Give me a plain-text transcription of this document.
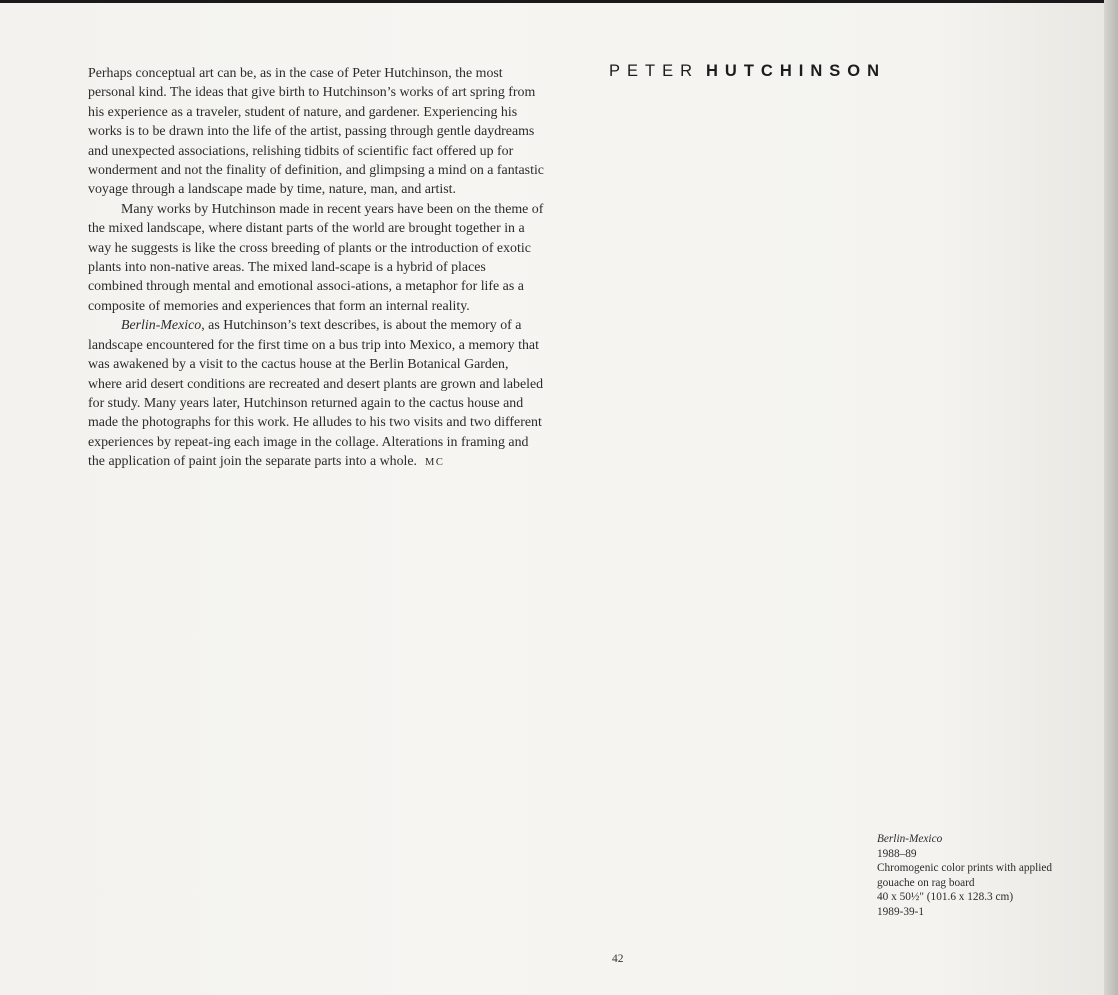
Perhaps conceptual art can be, as in the case of Peter Hutchinson, the most personal kind. The ideas that give birth to Hutchinson’s works of art spring from his experience as a traveler, student of nature, and gardener. Experiencing his works is to be drawn into the life of the artist, passing through gentle daydreams and unexpected associations, relishing tidbits of scientific fact offered up for wonderment and not the finality of definition, and glimpsing a mind on a fantastic voyage through a landscape made by time, nature, man, and artist.

Many works by Hutchinson made in recent years have been on the theme of the mixed landscape, where distant parts of the world are brought together in a way he suggests is like the cross breeding of plants or the introduction of exotic plants into non-native areas. The mixed land-scape is a hybrid of places combined through mental and emotional associ-ations, a metaphor for life as a composite of memories and experiences that form an internal reality.

Berlin-Mexico, as Hutchinson’s text describes, is about the memory of a landscape encountered for the first time on a bus trip into Mexico, a memory that was awakened by a visit to the cactus house at the Berlin Botanical Garden, where arid desert conditions are recreated and desert plants are grown and labeled for study. Many years later, Hutchinson returned again to the cactus house and made the photographs for this work. He alludes to his two visits and two different experiences by repeat-ing each image in the collage. Alterations in framing and the application of paint join the separate parts into a whole. MC

PETER HUTCHINSON
Berlin-Mexico
1988–89
Chromogenic color prints with applied
gouache on rag board
40 x 50½" (101.6 x 128.3 cm)
1989-39-1
42
